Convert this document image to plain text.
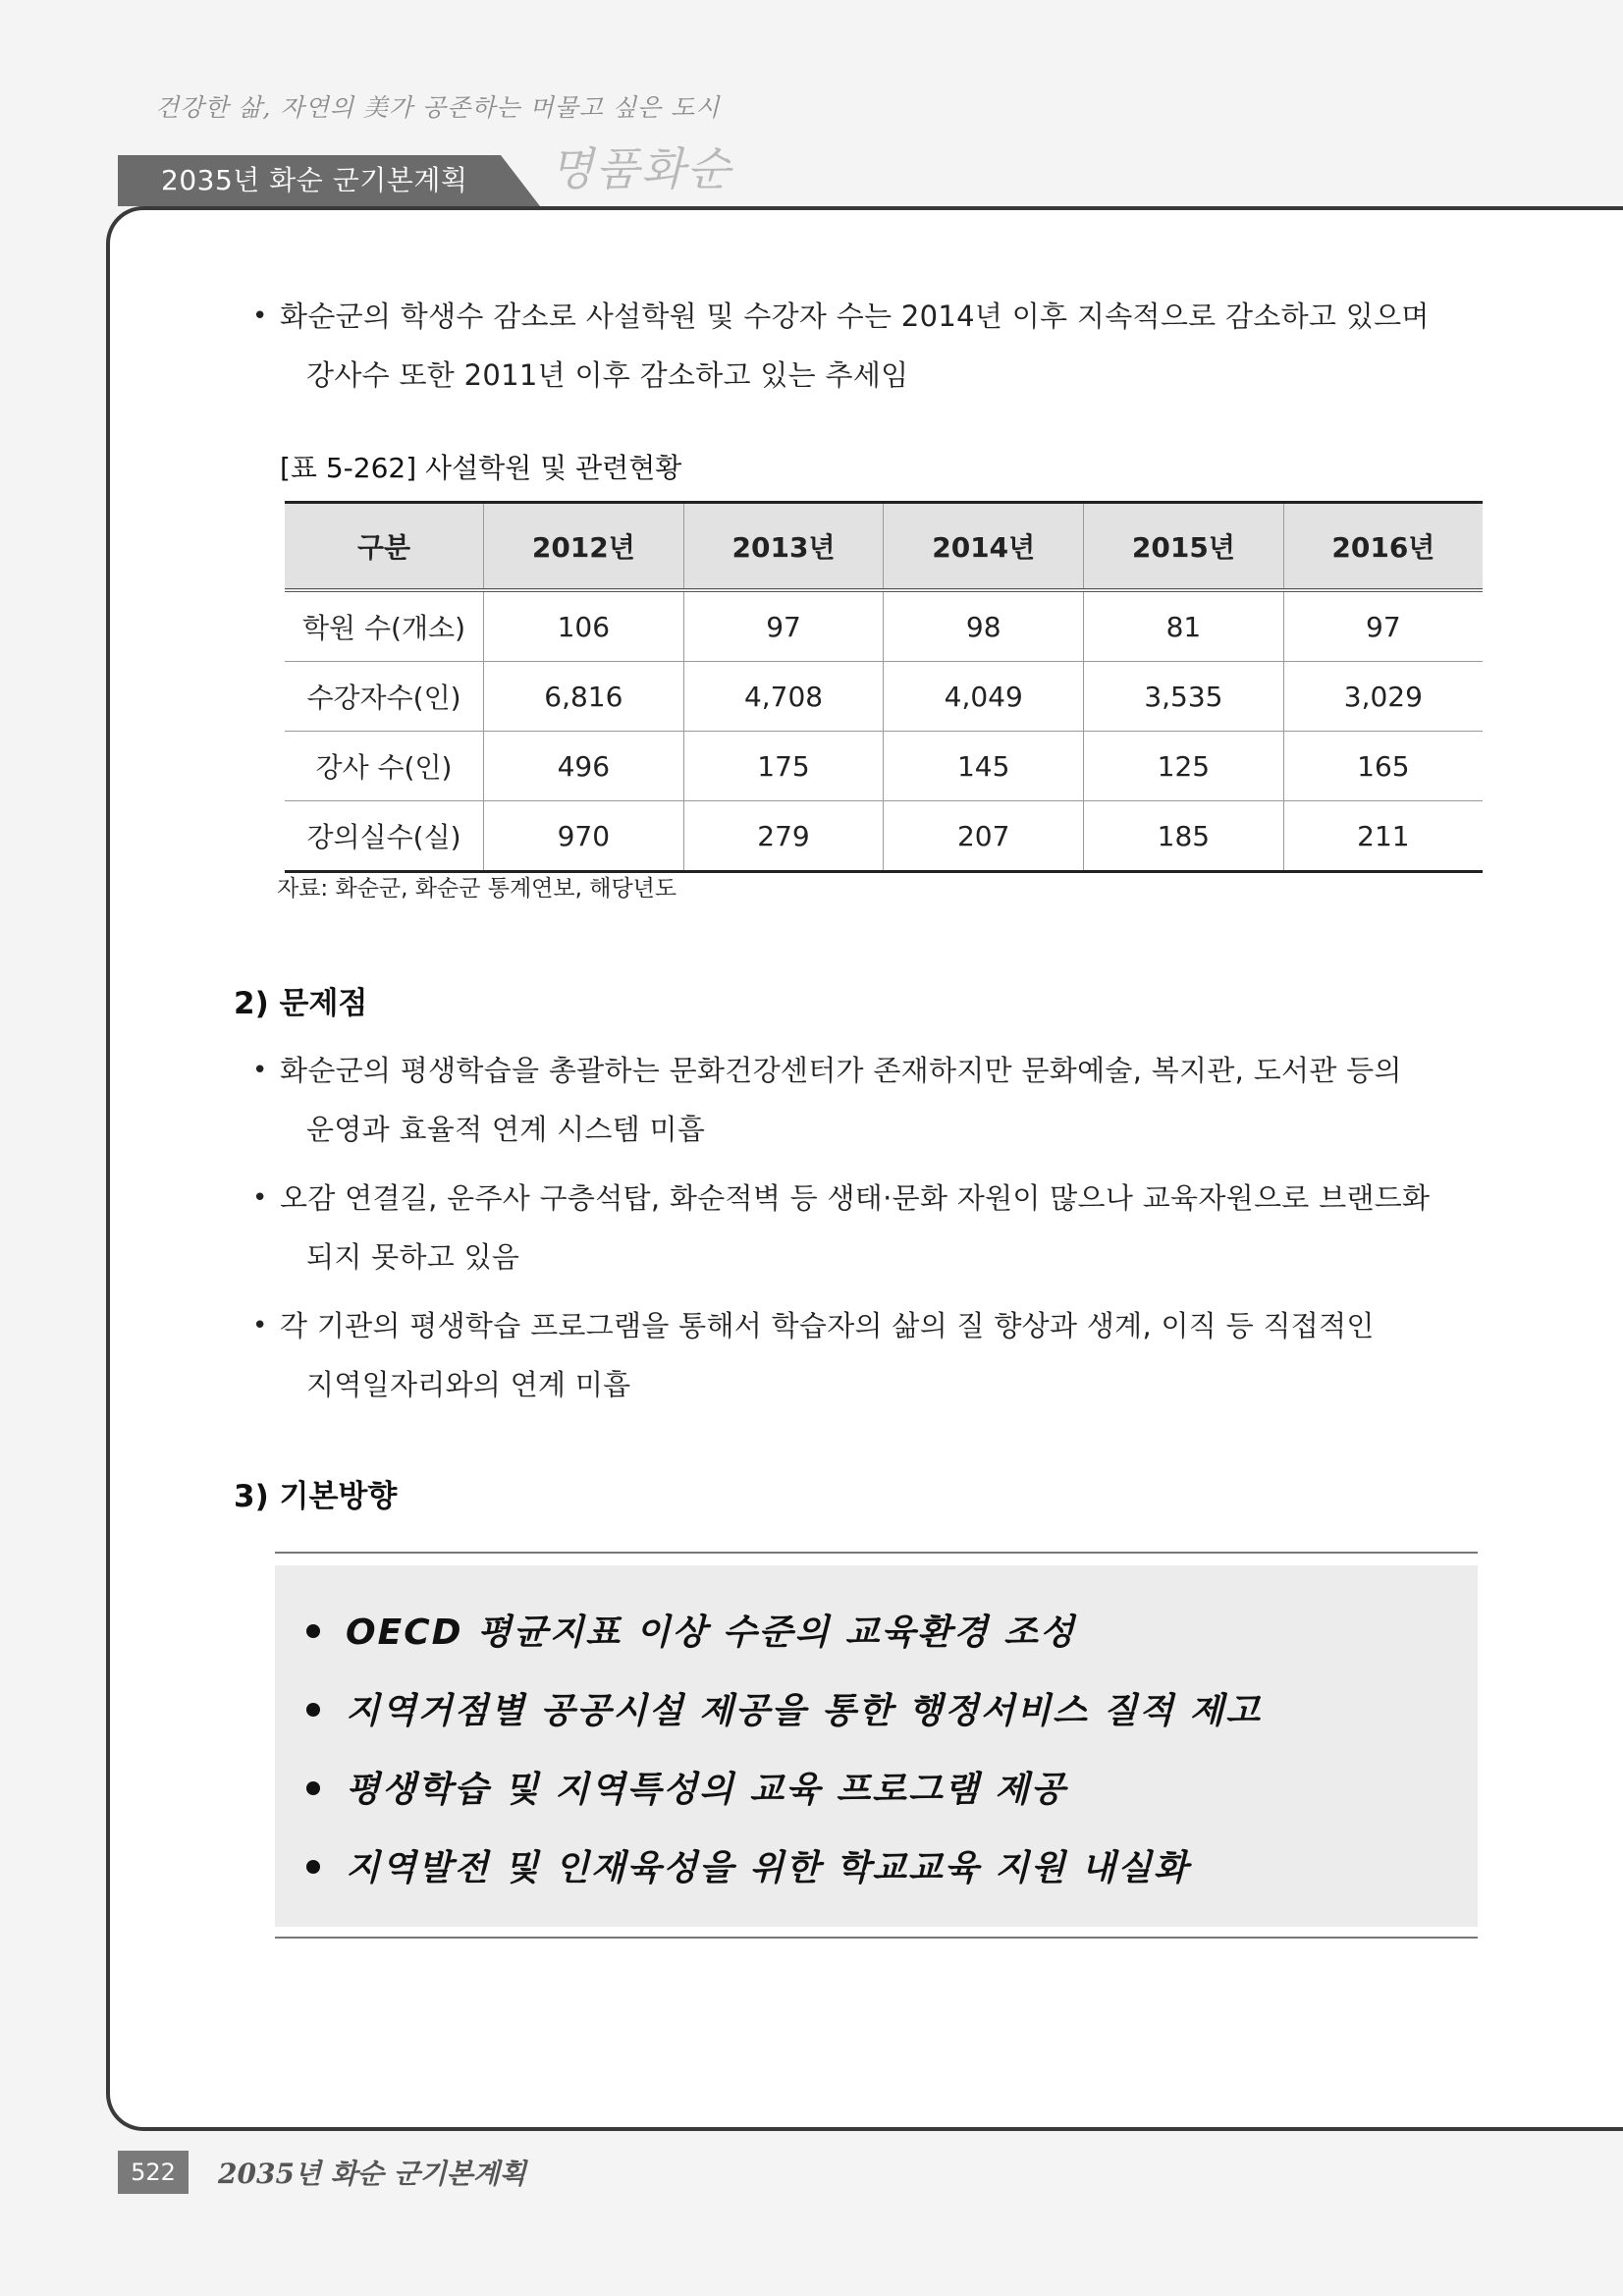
건강한 삶, 자연의 美가 공존하는 머물고 싶은 도시
2035년 화순 군기본계획 명품화순
• 화순군의 학생수 감소로 사설학원 및 수강자 수는 2014년 이후 지속적으로 감소하고 있으며
강사수 또한 2011년 이후 감소하고 있는 추세임
[표 5-262] 사설학원 및 관련현황
구분	2012년	2013년	2014년	2015년	2016년
학원 수(개소)	106	97	98	81	97
수강자수(인)	6,816	4,708	4,049	3,535	3,029
강사 수(인)	496	175	145	125	165
강의실수(실)	970	279	207	185	211
자료: 화순군, 화순군 통계연보, 해당년도
2) 문제점
• 화순군의 평생학습을 총괄하는 문화건강센터가 존재하지만 문화예술, 복지관, 도서관 등의
운영과 효율적 연계 시스템 미흡
• 오감 연결길, 운주사 구층석탑, 화순적벽 등 생태·문화 자원이 많으나 교육자원으로 브랜드화
되지 못하고 있음
• 각 기관의 평생학습 프로그램을 통해서 학습자의 삶의 질 향상과 생계, 이직 등 직접적인
지역일자리와의 연계 미흡
3) 기본방향
OECD 평균지표 이상 수준의 교육환경 조성
지역거점별 공공시설 제공을 통한 행정서비스 질적 제고
평생학습 및 지역특성의 교육 프로그램 제공
지역발전 및 인재육성을 위한 학교교육 지원 내실화
522	2035년 화순 군기본계획
